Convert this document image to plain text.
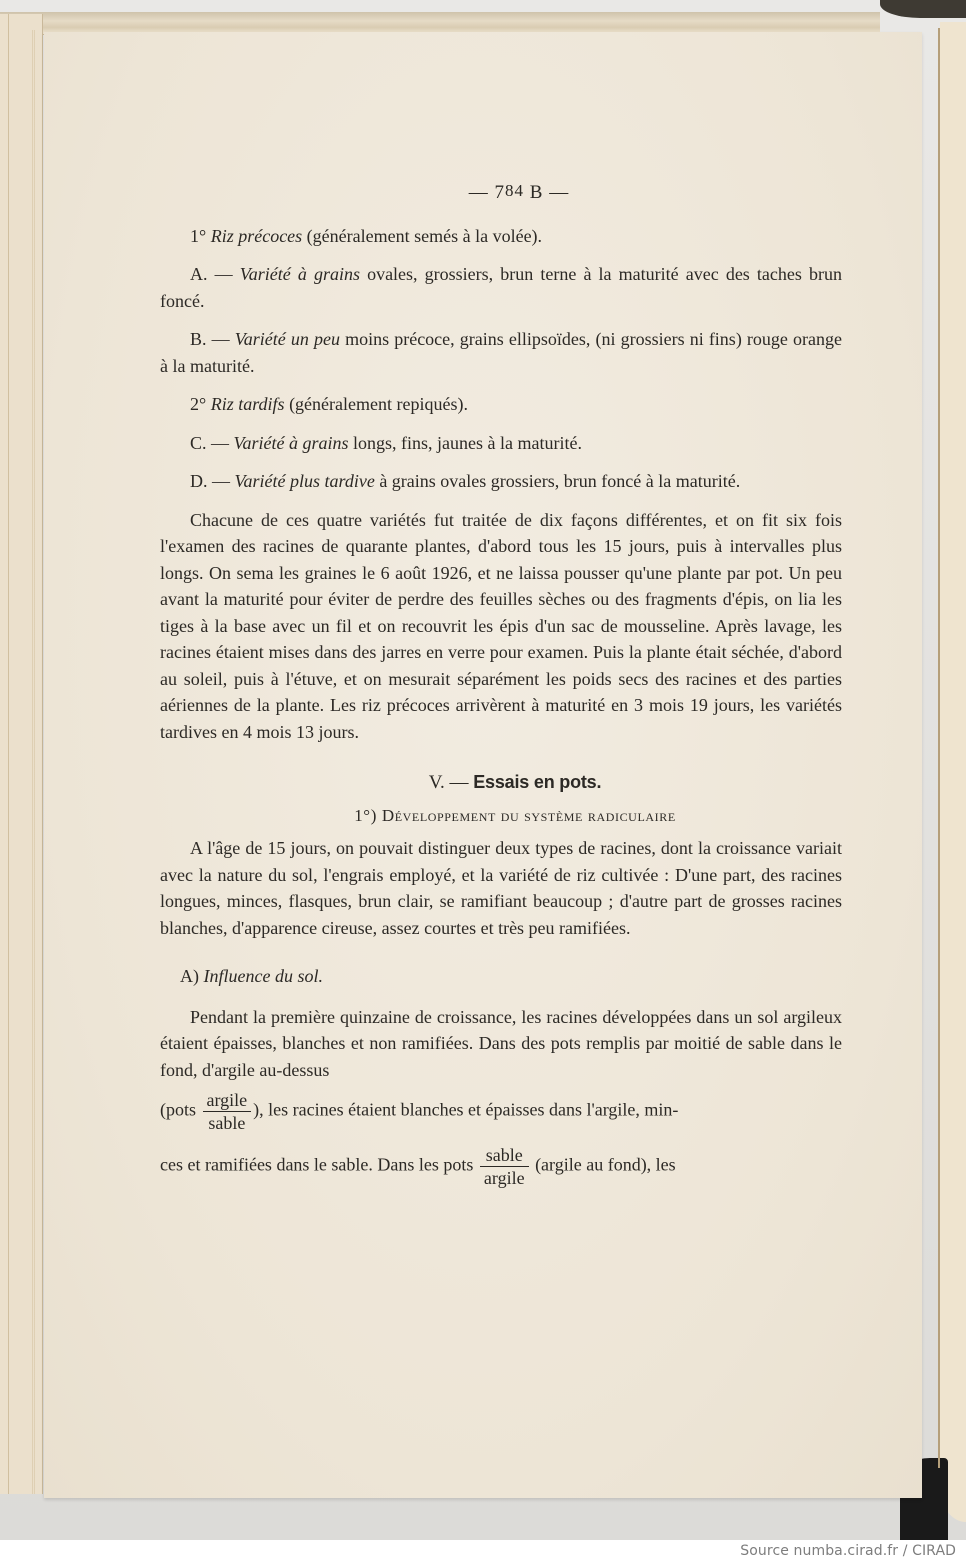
— 784 B —

1° Riz précoces (généralement semés à la volée).

A. — Variété à grains ovales, grossiers, brun terne à la maturité avec des taches brun foncé.

B. — Variété un peu moins précoce, grains ellipsoïdes, (ni grossiers ni fins) rouge orange à la maturité.

2° Riz tardifs (généralement repiqués).

C. — Variété à grains longs, fins, jaunes à la maturité.

D. — Variété plus tardive à grains ovales grossiers, brun foncé à la maturité.

Chacune de ces quatre variétés fut traitée de dix façons différentes, et on fit six fois l'examen des racines de quarante plantes, d'abord tous les 15 jours, puis à intervalles plus longs. On sema les graines le 6 août 1926, et ne laissa pousser qu'une plante par pot. Un peu avant la maturité pour éviter de perdre des feuilles sèches ou des fragments d'épis, on lia les tiges à la base avec un fil et on recouvrit les épis d'un sac de mousseline. Après lavage, les racines étaient mises dans des jarres en verre pour examen. Puis la plante était séchée, d'abord au soleil, puis à l'étuve, et on mesurait séparément les poids secs des racines et des parties aériennes de la plante. Les riz précoces arrivèrent à maturité en 3 mois 19 jours, les variétés tardives en 4 mois 13 jours.

V. — Essais en pots.
1°) Développement du système radiculaire

A l'âge de 15 jours, on pouvait distinguer deux types de racines, dont la croissance variait avec la nature du sol, l'engrais employé, et la variété de riz cultivée : D'une part, des racines longues, minces, flasques, brun clair, se ramifiant beaucoup ; d'autre part de grosses racines blanches, d'apparence cireuse, assez courtes et très peu ramifiées.

A) Influence du sol.

Pendant la première quinzaine de croissance, les racines développées dans un sol argileux étaient épaisses, blanches et non ramifiées. Dans des pots remplis par moitié de sable dans le fond, d'argile au-dessus

(pots $\frac{\text{argile}}{\text{sable}}$ ), les racines étaient blanches et épaisses dans l'argile, min-

ces et ramifiées dans le sable. Dans les pots $\frac{\text{sable}}{\text{argile}}$ (argile au fond), les

Source numba.cirad.fr / CIRAD
